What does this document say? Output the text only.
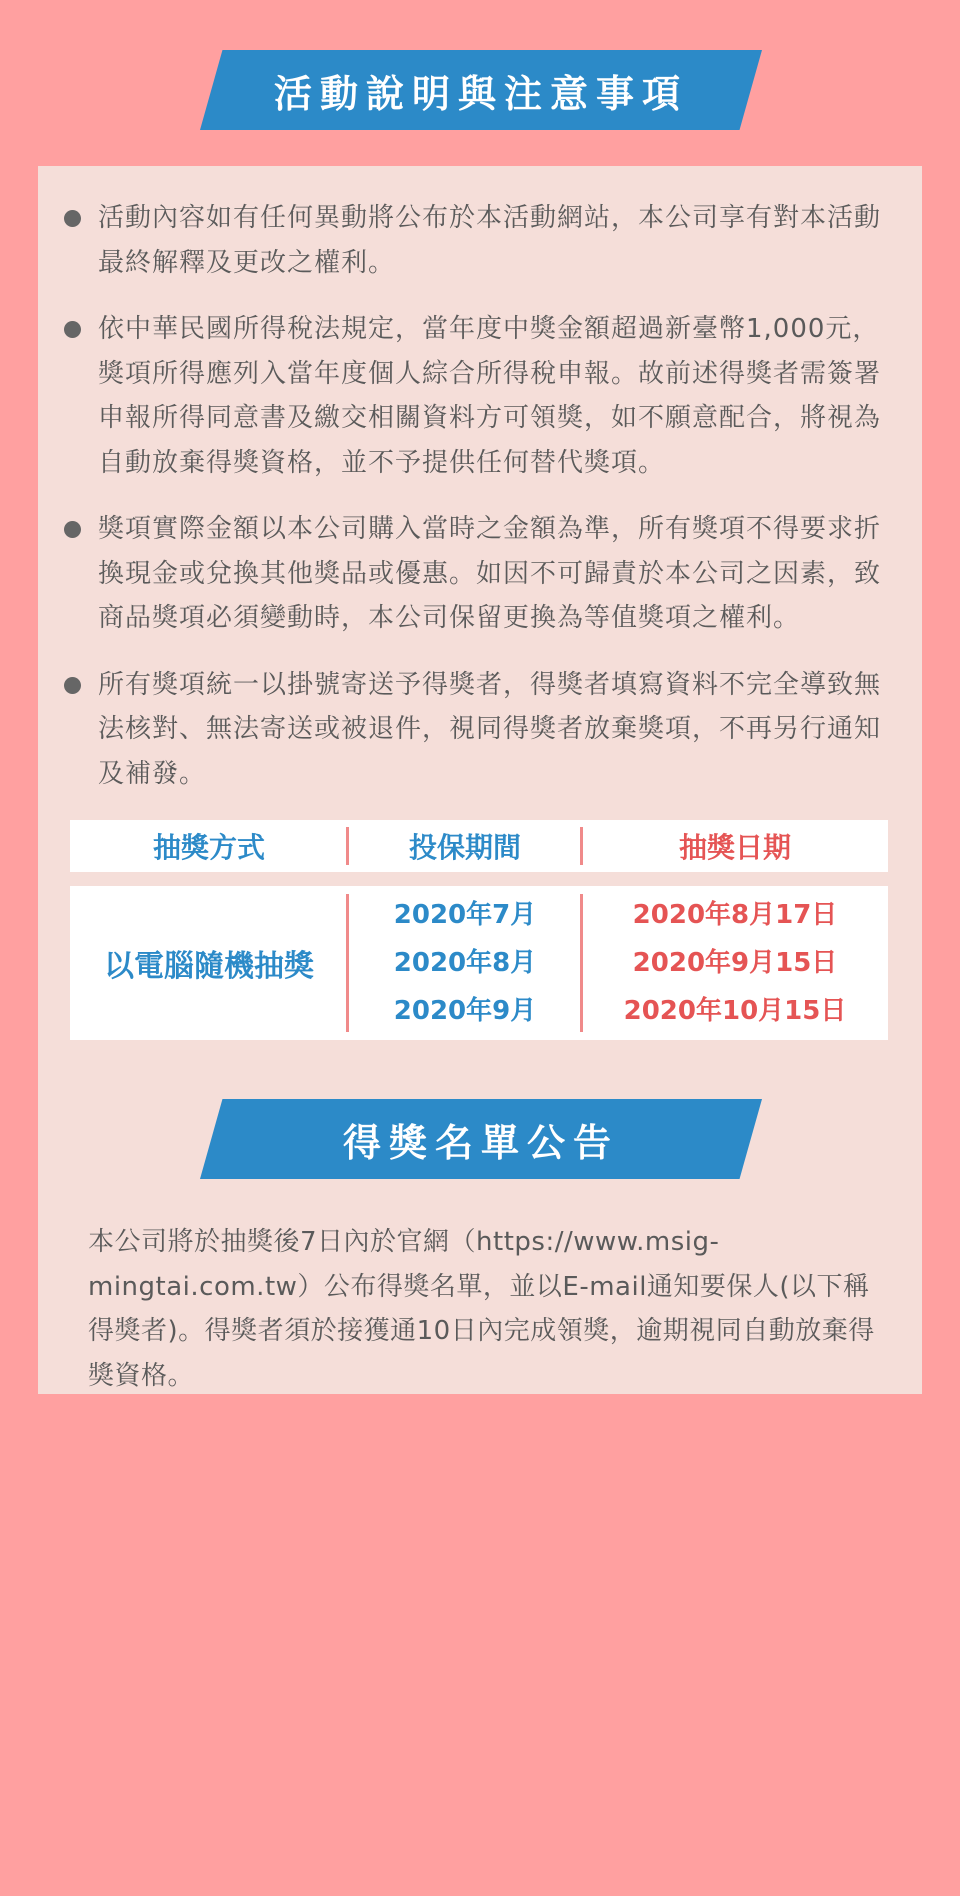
活動說明與注意事項
活動內容如有任何異動將公布於本活動網站，本公司享有對本活動最終解釋及更改之權利。
依中華民國所得稅法規定，當年度中獎金額超過新臺幣1,000元，獎項所得應列入當年度個人綜合所得稅申報。故前述得獎者需簽署申報所得同意書及繳交相關資料方可領獎，如不願意配合，將視為自動放棄得獎資格，並不予提供任何替代獎項。
獎項實際金額以本公司購入當時之金額為準，所有獎項不得要求折換現金或兌換其他獎品或優惠。如因不可歸責於本公司之因素，致商品獎項必須變動時，本公司保留更換為等值獎項之權利。
所有獎項統一以掛號寄送予得獎者，得獎者填寫資料不完全導致無法核對、無法寄送或被退件，視同得獎者放棄獎項，不再另行通知及補發。
抽獎方式	投保期間	抽獎日期
以電腦隨機抽獎
2020年7月
2020年8月
2020年9月
2020年8月17日
2020年9月15日
2020年10月15日
本公司將於抽獎後7日內於官網（https://www.msig-mingtai.com.tw）公布得獎名單，並以E-mail通知要保人(以下稱得獎者)。得獎者須於接獲通10日內完成領獎，逾期視同自動放棄得獎資格。
得獎名單公告
